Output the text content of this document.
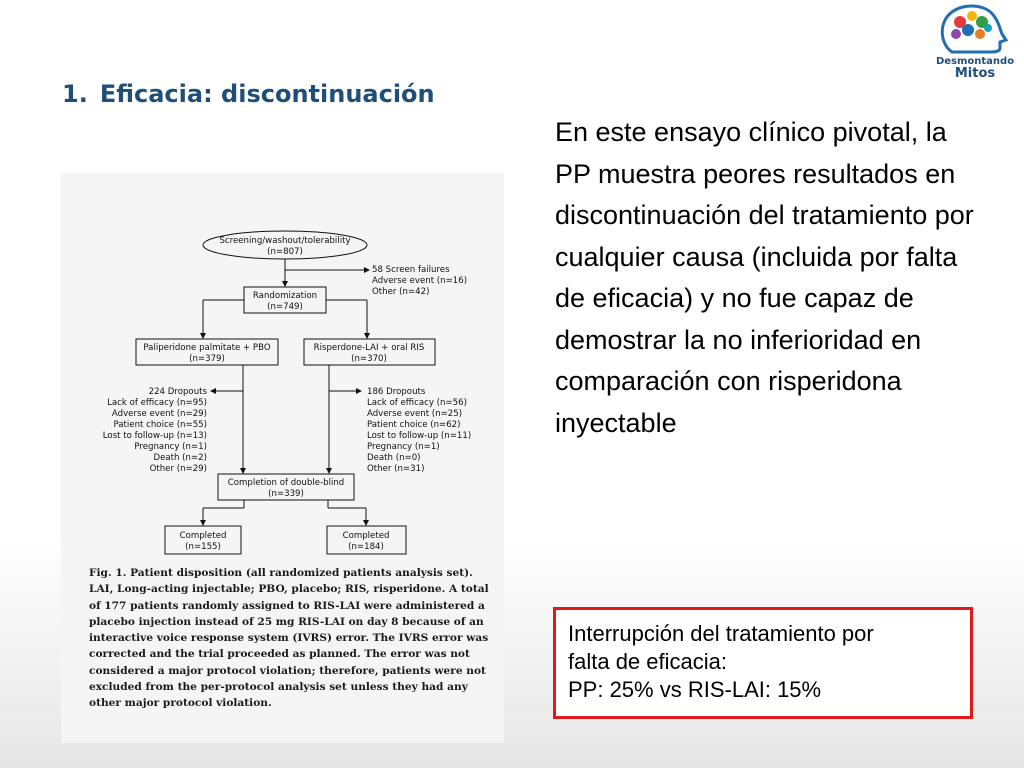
1. Eficacia: discontinuación
Desmontando
Mitos
Screening/washout/tolerability
(n=807)
58 Screen failures
Adverse event (n=16)
Other (n=42)
Randomization
(n=749)
Paliperidone palmitate + PBO
(n=379)
Risperdone-LAI + oral RIS
(n=370)
224 Dropouts
Lack of efficacy (n=95)
Adverse event (n=29)
Patient choice (n=55)
Lost to follow-up (n=13)
Pregnancy (n=1)
Death (n=2)
Other (n=29)
186 Dropouts
Lack of efficacy (n=56)
Adverse event (n=25)
Patient choice (n=62)
Lost to follow-up (n=11)
Pregnancy (n=1)
Death (n=0)
Other (n=31)
Completion of double-blind
(n=339)
Completed
(n=155)
Completed
(n=184)
Fig. 1. Patient disposition (all randomized patients analysis set). LAI, Long-acting injectable; PBO, placebo; RIS, risperidone. A total of 177 patients randomly assigned to RIS-LAI were administered a placebo injection instead of 25 mg RIS-LAI on day 8 because of an interactive voice response system (IVRS) error. The IVRS error was corrected and the trial proceeded as planned. The error was not considered a major protocol violation; therefore, patients were not excluded from the per-protocol analysis set unless they had any other major protocol violation.
En este ensayo clínico pivotal, la PP muestra peores resultados en discontinuación del tratamiento por cualquier causa (incluida por falta de eficacia) y no fue capaz de demostrar la no inferioridad en comparación con risperidona inyectable
Interrupción del tratamiento por
falta de eficacia:
PP: 25% vs RIS-LAI: 15%
